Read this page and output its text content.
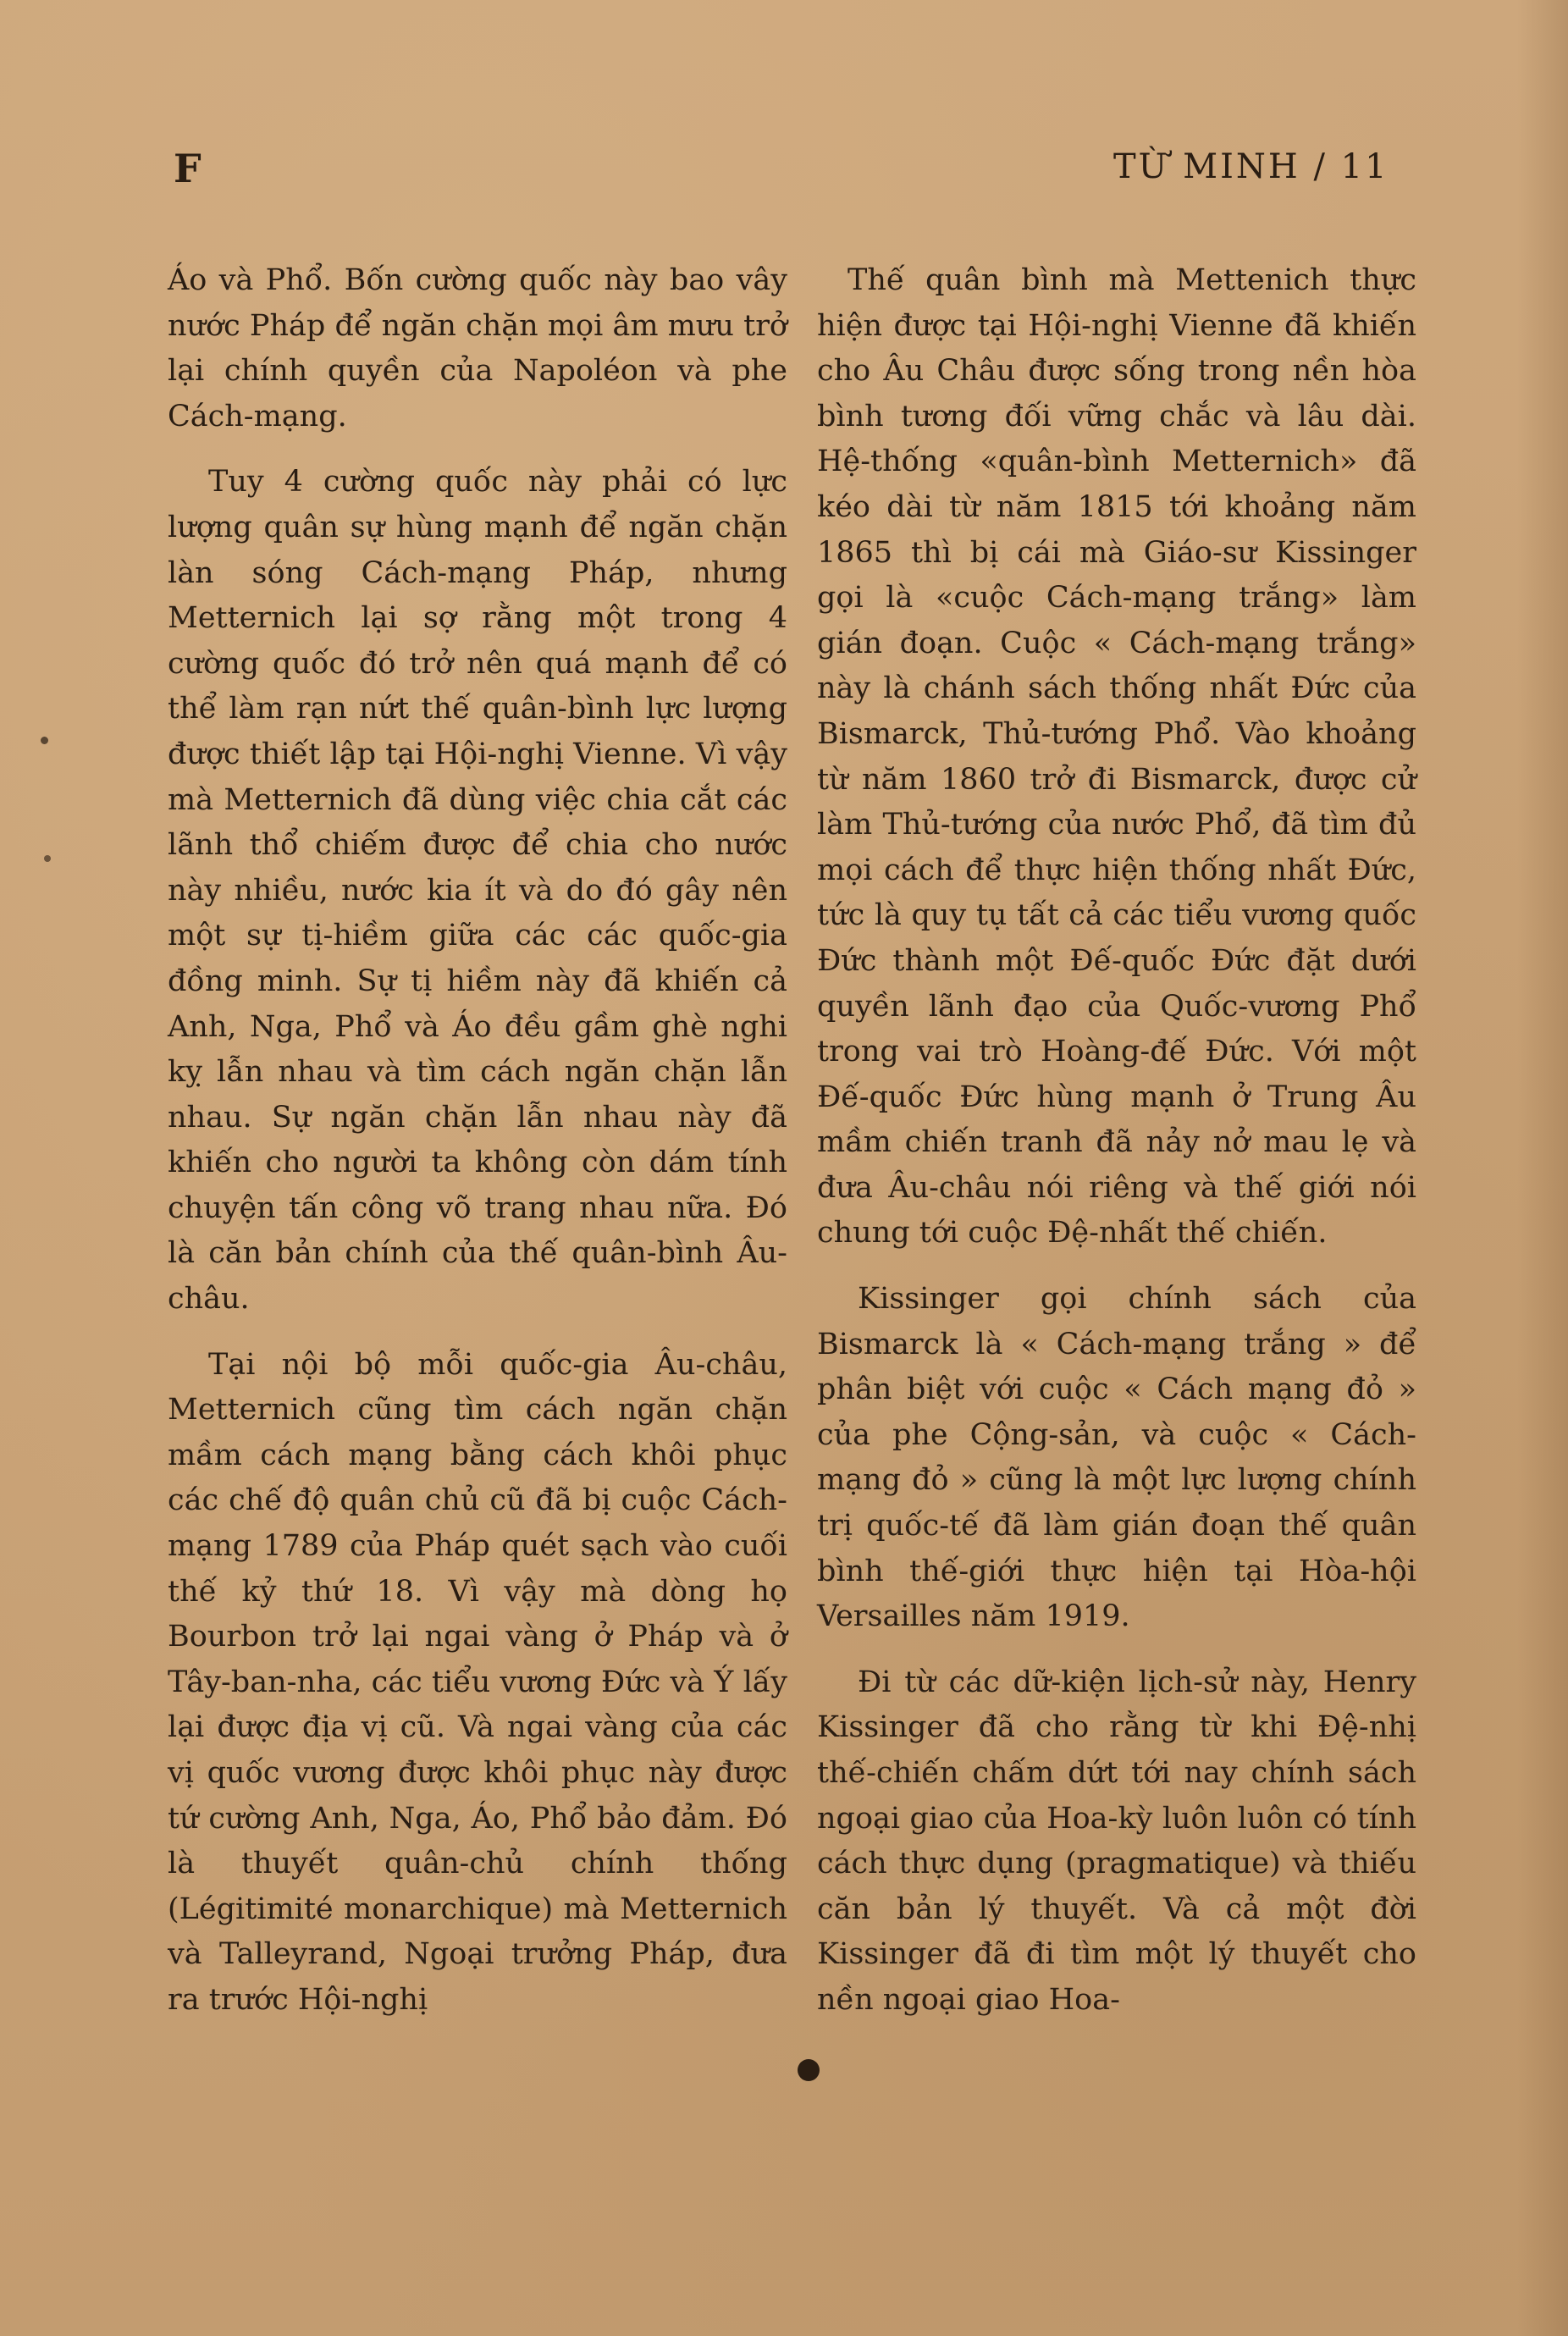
F	TỪ MINH / 11

Áo và Phổ. Bốn cường quốc này bao vây nước Pháp để ngăn chặn mọi âm mưu trở lại chính quyền của Napoléon và phe Cách-mạng.

Tuy 4 cường quốc này phải có lực lượng quân sự hùng mạnh để ngăn chặn làn sóng Cách-mạng Pháp, nhưng Metternich lại sợ rằng một trong 4 cường quốc đó trở nên quá mạnh để có thể làm rạn nứt thế quân-bình lực lượng được thiết lập tại Hội-nghị Vienne. Vì vậy mà Metternich đã dùng việc chia cắt các lãnh thổ chiếm được để chia cho nước này nhiều, nước kia ít và do đó gây nên một sự tị-hiềm giữa các các quốc-gia đồng minh. Sự tị hiềm này đã khiến cả Anh, Nga, Phổ và Áo đều gầm ghè nghi kỵ lẫn nhau và tìm cách ngăn chặn lẫn nhau. Sự ngăn chặn lẫn nhau này đã khiến cho người ta không còn dám tính chuyện tấn công võ trang nhau nữa. Đó là căn bản chính của thế quân-bình Âu-châu.

Tại nội bộ mỗi quốc-gia Âu-châu, Metternich cũng tìm cách ngăn chặn mầm cách mạng bằng cách khôi phục các chế độ quân chủ cũ đã bị cuộc Cách-mạng 1789 của Pháp quét sạch vào cuối thế kỷ thứ 18. Vì vậy mà dòng họ Bourbon trở lại ngai vàng ở Pháp và ở Tây-ban-nha, các tiểu vương Đức và Ý lấy lại được địa vị cũ. Và ngai vàng của các vị quốc vương được khôi phục này được tứ cường Anh, Nga, Áo, Phổ bảo đảm. Đó là thuyết quân-chủ chính thống (Légitimité monarchique) mà Metternich và Talleyrand, Ngoại trưởng Pháp, đưa ra trước Hội-nghị

Thế quân bình mà Mettenich thực hiện được tại Hội-nghị Vienne đã khiến cho Âu Châu được sống trong nền hòa bình tương đối vững chắc và lâu dài. Hệ-thống «quân-bình Metternich» đã kéo dài từ năm 1815 tới khoảng năm 1865 thì bị cái mà Giáo-sư Kissinger gọi là «cuộc Cách-mạng trắng» làm gián đoạn. Cuộc « Cách-mạng trắng» này là chánh sách thống nhất Đức của Bismarck, Thủ-tướng Phổ. Vào khoảng từ năm 1860 trở đi Bismarck, được cử làm Thủ-tướng của nước Phổ, đã tìm đủ mọi cách để thực hiện thống nhất Đức, tức là quy tụ tất cả các tiểu vương quốc Đức thành một Đế-quốc Đức đặt dưới quyền lãnh đạo của Quốc-vương Phổ trong vai trò Hoàng-đế Đức. Với một Đế-quốc Đức hùng mạnh ở Trung Âu mầm chiến tranh đã nảy nở mau lẹ và đưa Âu-châu nói riêng và thế giới nói chung tới cuộc Đệ-nhất thế chiến.

Kissinger gọi chính sách của Bismarck là « Cách-mạng trắng » để phân biệt với cuộc « Cách mạng đỏ » của phe Cộng-sản, và cuộc « Cách-mạng đỏ » cũng là một lực lượng chính trị quốc-tế đã làm gián đoạn thế quân bình thế-giới thực hiện tại Hòa-hội Versailles năm 1919.

Đi từ các dữ-kiện lịch-sử này, Henry Kissinger đã cho rằng từ khi Đệ-nhị thế-chiến chấm dứt tới nay chính sách ngoại giao của Hoa-kỳ luôn luôn có tính cách thực dụng (pragmatique) và thiếu căn bản lý thuyết. Và cả một đời Kissinger đã đi tìm một lý thuyết cho nền ngoại giao Hoa-
